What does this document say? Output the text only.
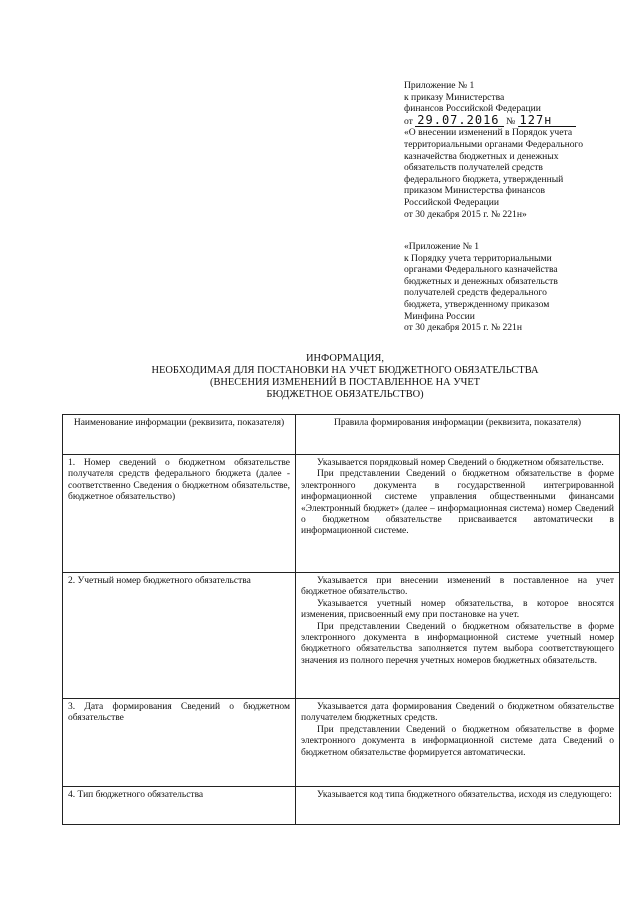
Приложение № 1
к приказу Министерства
финансов Российской Федерации
от 29.07.2016 № 127н
«О внесении изменений в Порядок учета
территориальными органами Федерального
казначейства бюджетных и денежных
обязательств получателей средств
федерального бюджета, утвержденный
приказом Министерства финансов
Российской Федерации
от 30 декабря 2015 г. № 221н»
«Приложение № 1
к Порядку учета территориальными
органами Федерального казначейства
бюджетных и денежных обязательств
получателей средств федерального
бюджета, утвержденному приказом
Минфина России
от 30 декабря 2015 г. № 221н
ИНФОРМАЦИЯ,
НЕОБХОДИМАЯ ДЛЯ ПОСТАНОВКИ НА УЧЕТ БЮДЖЕТНОГО ОБЯЗАТЕЛЬСТВА
(ВНЕСЕНИЯ ИЗМЕНЕНИЙ В ПОСТАВЛЕННОЕ НА УЧЕТ
БЮДЖЕТНОЕ ОБЯЗАТЕЛЬСТВО)
Наименование информации (реквизита, показателя)	Правила формирования информации (реквизита, показателя)
1. Номер сведений о бюджетном обязательстве получателя средств федерального бюджета (далее - соответственно Сведения о бюджетном обязательстве, бюджетное обязательство)	Указывается порядковый номер Сведений о бюджетном обязательстве.

При представлении Сведений о бюджетном обязательстве в форме электронного документа в государственной интегрированной информационной системе управления общественными финансами «Электронный бюджет» (далее – информационная система) номер Сведений о бюджетном обязательстве присваивается автоматически в информационной системе.

2. Учетный номер бюджетного обязательства	Указывается при внесении изменений в поставленное на учет бюджетное обязательство.

Указывается учетный номер обязательства, в которое вносятся изменения, присвоенный ему при постановке на учет.

При представлении Сведений о бюджетном обязательстве в форме электронного документа в информационной системе учетный номер бюджетного обязательства заполняется путем выбора соответствующего значения из полного перечня учетных номеров бюджетных обязательств.

3. Дата формирования Сведений о бюджетном обязательстве	Указывается дата формирования Сведений о бюджетном обязательстве получателем бюджетных средств.

При представлении Сведений о бюджетном обязательстве в форме электронного документа в информационной системе дата Сведений о бюджетном обязательстве формируется автоматически.

4. Тип бюджетного обязательства	Указывается код типа бюджетного обязательства, исходя из следующего:
